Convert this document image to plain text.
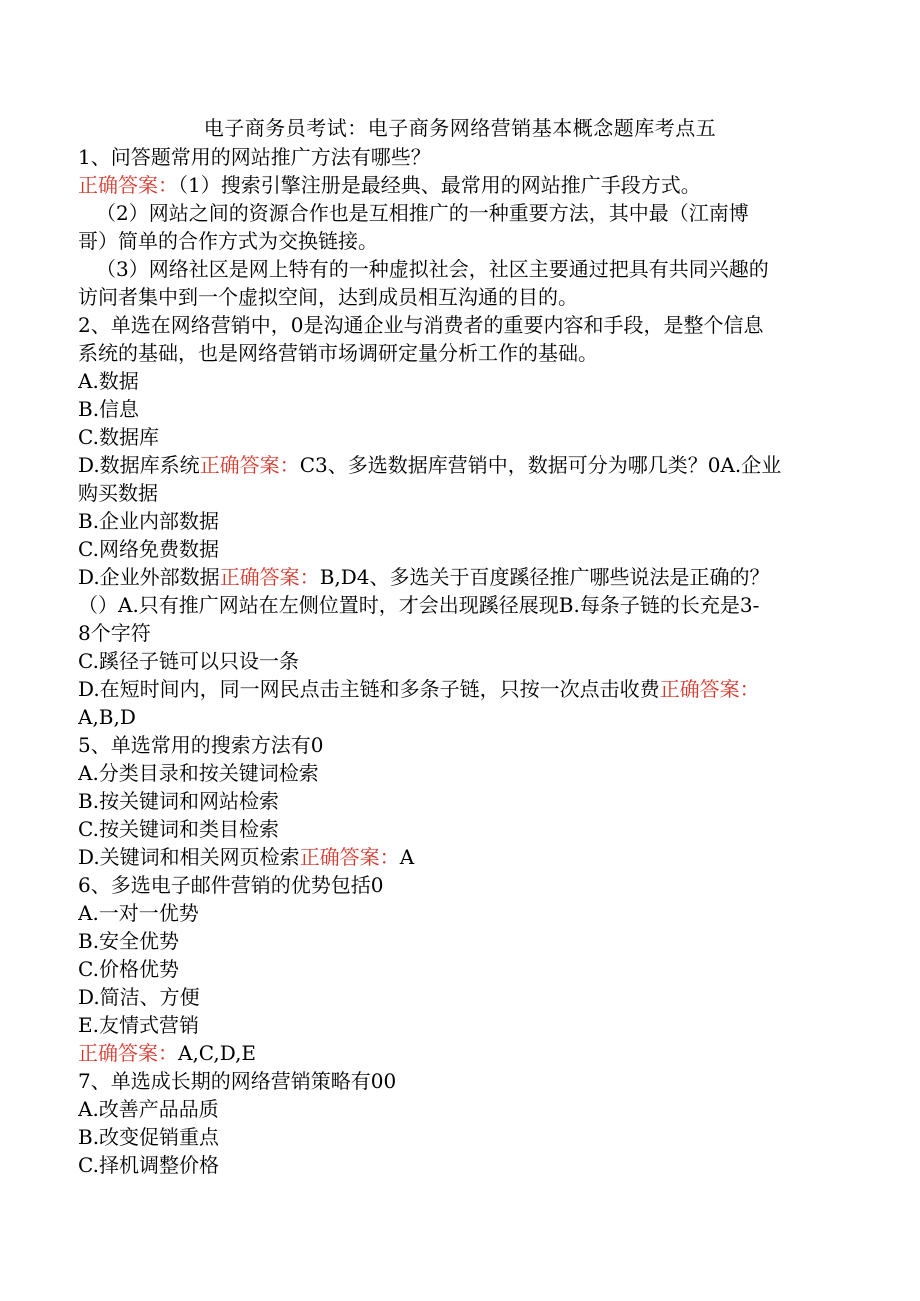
电子商务员考试：电子商务网络营销基本概念题库考点五
1、问答题常用的网站推广方法有哪些？
正确答案：（1）搜索引擎注册是最经典、最常用的网站推广手段方式。
（2）网站之间的资源合作也是互相推广的一种重要方法，其中最（江南博
哥）简单的合作方式为交换链接。
（3）网络社区是网上特有的一种虚拟社会，社区主要通过把具有共同兴趣的
访问者集中到一个虚拟空间，达到成员相互沟通的目的。
2、单选在网络营销中，0是沟通企业与消费者的重要内容和手段，是整个信息
系统的基础，也是网络营销市场调研定量分析工作的基础。
A.数据
B.信息
C.数据库
D.数据库系统正确答案：C3、多选数据库营销中，数据可分为哪几类？0A.企业
购买数据
B.企业内部数据
C.网络免费数据
D.企业外部数据正确答案：B,D4、多选关于百度蹊径推广哪些说法是正确的？
（）A.只有推广网站在左侧位置时，才会出现蹊径展现B.每条子链的长充是3-
8个字符
C.蹊径子链可以只设一条
D.在短时间内，同一网民点击主链和多条子链，只按一次点击收费正确答案：
A,B,D
5、单选常用的搜索方法有0
A.分类目录和按关键词检索
B.按关键词和网站检索
C.按关键词和类目检索
D.关键词和相关网页检索正确答案：A
6、多选电子邮件营销的优势包括0
A.一对一优势
B.安全优势
C.价格优势
D.简洁、方便
E.友情式营销
正确答案：A,C,D,E
7、单选成长期的网络营销策略有00
A.改善产品品质
B.改变促销重点
C.择机调整价格
